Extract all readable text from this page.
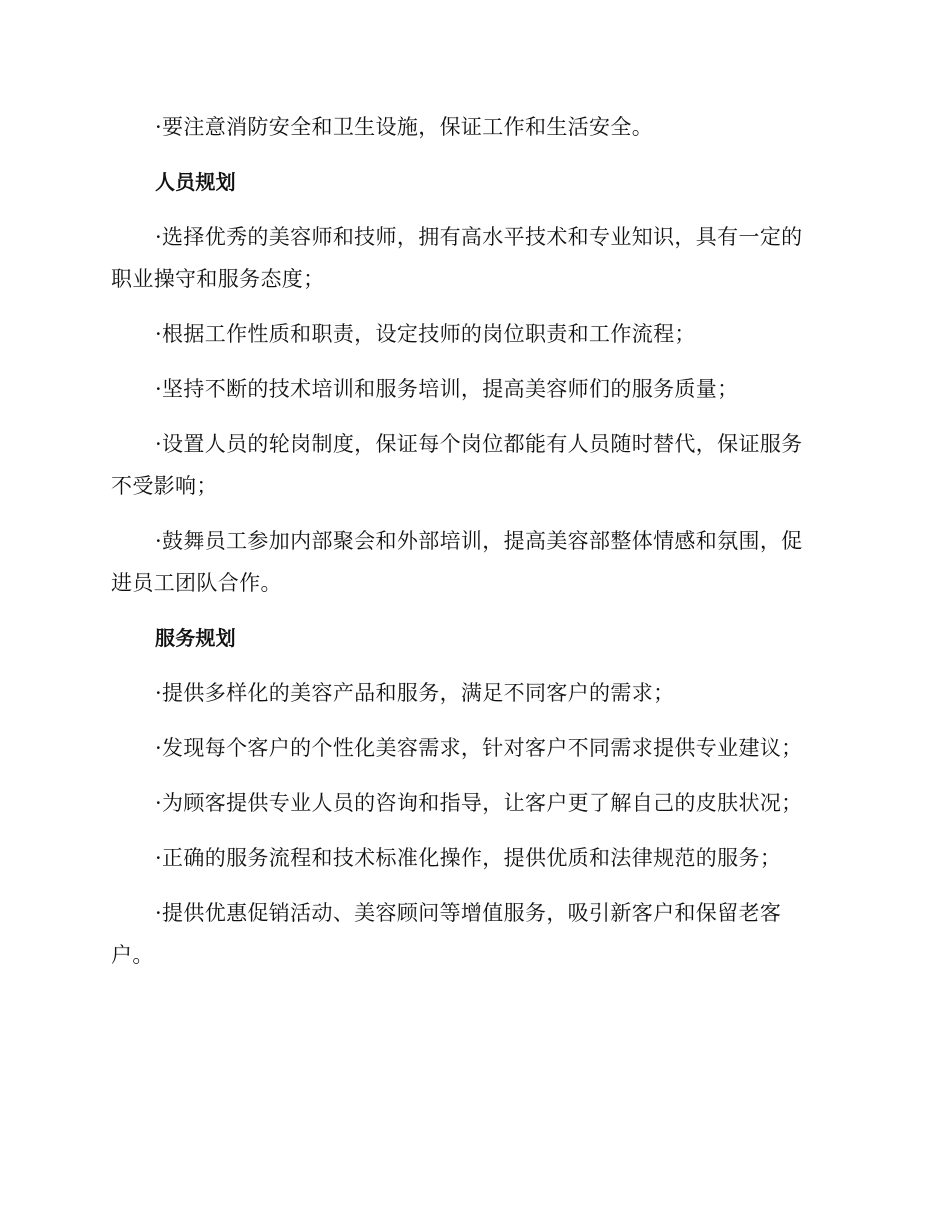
·要注意消防安全和卫生设施，保证工作和生活安全。

人员规划

·选择优秀的美容师和技师，拥有高水平技术和专业知识，具有一定的职业操守和服务态度；

·根据工作性质和职责，设定技师的岗位职责和工作流程；

·坚持不断的技术培训和服务培训，提高美容师们的服务质量；

·设置人员的轮岗制度，保证每个岗位都能有人员随时替代，保证服务不受影响；

·鼓舞员工参加内部聚会和外部培训，提高美容部整体情感和氛围，促进员工团队合作。

服务规划

·提供多样化的美容产品和服务，满足不同客户的需求；

·发现每个客户的个性化美容需求，针对客户不同需求提供专业建议；

·为顾客提供专业人员的咨询和指导，让客户更了解自己的皮肤状况；

·正确的服务流程和技术标准化操作，提供优质和法律规范的服务；

·提供优惠促销活动、美容顾问等增值服务，吸引新客户和保留老客户。
